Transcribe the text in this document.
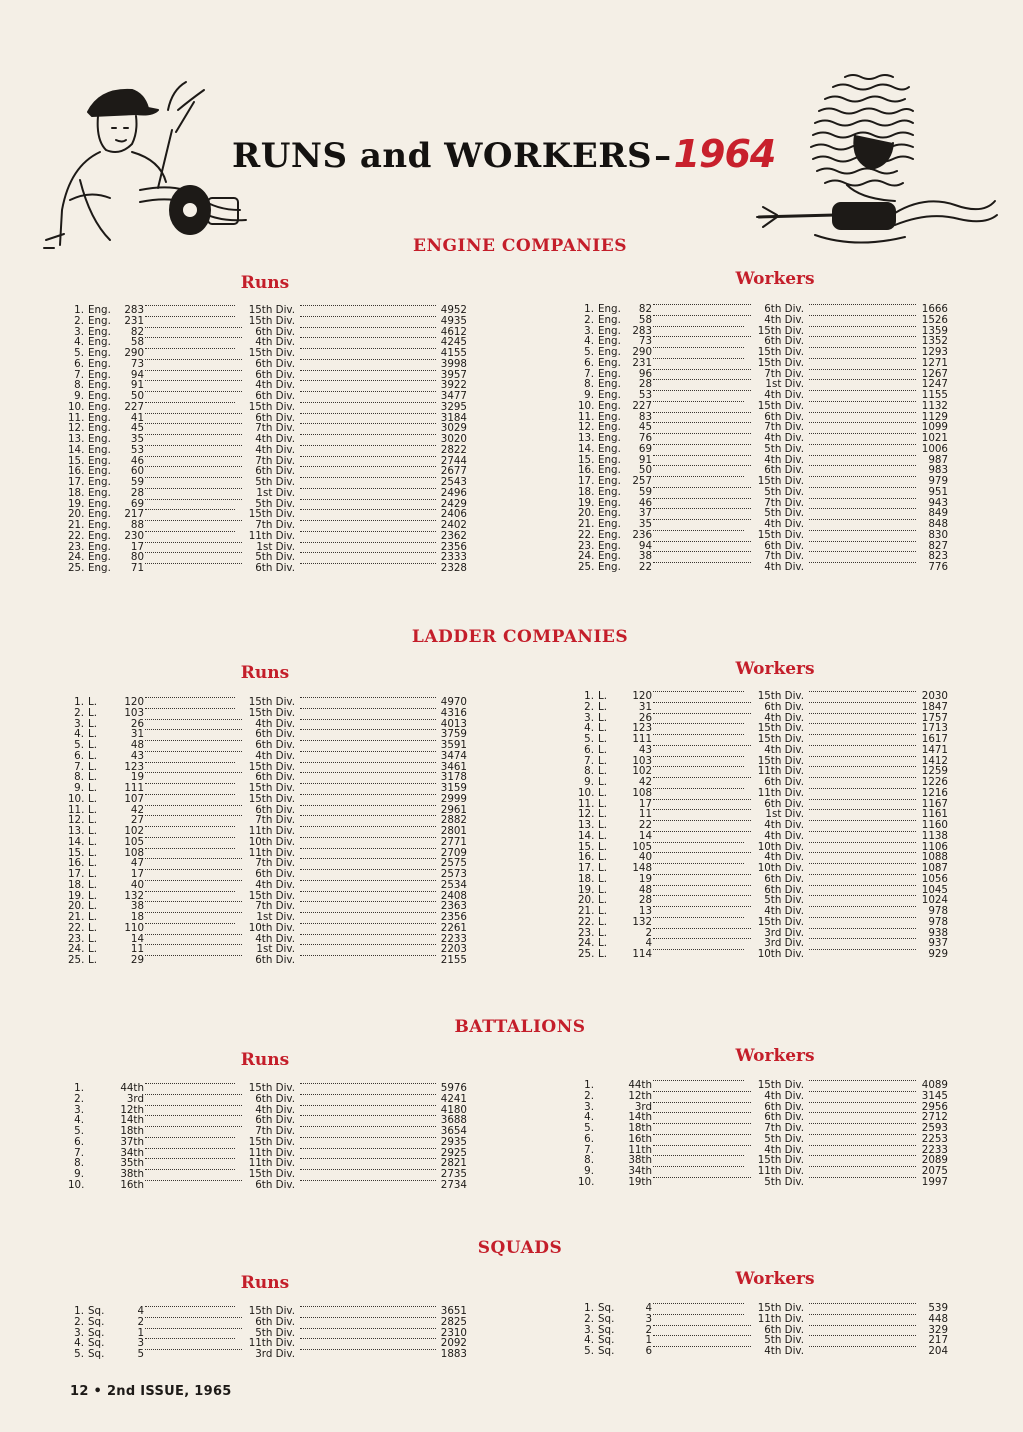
RUNS and WORKERS–1964
ENGINE COMPANIES
Runs	Workers
1. Eng. 283	15th Div.	4952
2. Eng. 231	15th Div.	4935
3. Eng. 82	6th Div.	4612
4. Eng. 58	4th Div.	4245
5. Eng. 290	15th Div.	4155
6. Eng. 73	6th Div.	3998
7. Eng. 94	6th Div.	3957
8. Eng. 91	4th Div.	3922
9. Eng. 50	6th Div.	3477
10. Eng. 227	15th Div.	3295
11. Eng. 41	6th Div.	3184
12. Eng. 45	7th Div.	3029
13. Eng. 35	4th Div.	3020
14. Eng. 53	4th Div.	2822
15. Eng. 46	7th Div.	2744
16. Eng. 60	6th Div.	2677
17. Eng. 59	5th Div.	2543
18. Eng. 28	1st Div.	2496
19. Eng. 69	5th Div.	2429
20. Eng. 217	15th Div.	2406
21. Eng. 88	7th Div.	2402
22. Eng. 230	11th Div.	2362
23. Eng. 17	1st Div.	2356
24. Eng. 80	5th Div.	2333
25. Eng. 71	6th Div.	2328
1. Eng. 82	6th Div.	1666
2. Eng. 58	4th Div.	1526
3. Eng. 283	15th Div.	1359
4. Eng. 73	6th Div.	1352
5. Eng. 290	15th Div.	1293
6. Eng. 231	15th Div.	1271
7. Eng. 96	7th Div.	1267
8. Eng. 28	1st Div.	1247
9. Eng. 53	4th Div.	1155
10. Eng. 227	15th Div.	1132
11. Eng. 83	6th Div.	1129
12. Eng. 45	7th Div.	1099
13. Eng. 76	4th Div.	1021
14. Eng. 69	5th Div.	1006
15. Eng. 91	4th Div.	987
16. Eng. 50	6th Div.	983
17. Eng. 257	15th Div.	979
18. Eng. 59	5th Div.	951
19. Eng. 46	7th Div.	943
20. Eng. 37	5th Div.	849
21. Eng. 35	4th Div.	848
22. Eng. 236	15th Div.	830
23. Eng. 94	6th Div.	827
24. Eng. 38	7th Div.	823
25. Eng. 22	4th Div.	776
LADDER COMPANIES
Runs	Workers
1. L.	120	15th Div.	4970
2. L.	103	15th Div.	4316
3. L.	26	4th Div.	4013
4. L.	31	6th Div.	3759
5. L.	48	6th Div.	3591
6. L.	43	4th Div.	3474
7. L.	123	15th Div.	3461
8. L.	19	6th Div.	3178
9. L.	111	15th Div.	3159
10. L.	107	15th Div.	2999
11. L.	42	6th Div.	2961
12. L.	27	7th Div.	2882
13. L.	102	11th Div.	2801
14. L.	105	10th Div.	2771
15. L.	108	11th Div.	2709
16. L.	47	7th Div.	2575
17. L.	17	6th Div.	2573
18. L.	40	4th Div.	2534
19. L.	132	15th Div.	2408
20. L.	38	7th Div.	2363
21. L.	18	1st Div.	2356
22. L.	110	10th Div.	2261
23. L.	14	4th Div.	2233
24. L.	11	1st Div.	2203
25. L.	29	6th Div.	2155
1. L. 120	15th Div.	2030
2. L.	31	6th Div.	1847
3. L.	26	4th Div.	1757
4. L. 123	15th Div.	1713
5. L. 111	15th Div.	1617
6. L.	43	4th Div.	1471
7. L. 103	15th Div.	1412
8. L. 102	11th Div.	1259
9. L.	42	6th Div.	1226
10. L. 108	11th Div.	1216
11. L.	17	6th Div.	1167
12. L.	11	1st Div.	1161
13. L.	22	4th Div.	1160
14. L.	14	4th Div.	1138
15. L. 105	10th Div.	1106
16. L.	40	4th Div.	1088
17. L. 148	10th Div.	1087
18. L.	19	6th Div.	1056
19. L.	48	6th Div.	1045
20. L.	28	5th Div.	1024
21. L.	13	4th Div.	978
22. L. 132	15th Div.	978
23. L.	2	3rd Div.	938
24. L.	4	3rd Div.	937
25. L. 114	10th Div.	929
BATTALIONS
Runs	Workers
1.	44th	15th Div.	5976
2.	3rd	6th Div.	4241
3.	12th	4th Div.	4180
4.	14th	6th Div.	3688
5.	18th	7th Div.	3654
6.	37th	15th Div.	2935
7.	34th	11th Div.	2925
8.	35th	11th Div.	2821
9.	38th	15th Div.	2735
10.	16th	6th Div.	2734
1.	44th	15th Div.	4089
2.	12th	4th Div.	3145
3.	3rd	6th Div.	2956
4.	14th	6th Div.	2712
5.	18th	7th Div.	2593
6.	16th	5th Div.	2253
7.	11th	4th Div.	2233
8.	38th	15th Div.	2089
9.	34th	11th Div.	2075
10.	19th	5th Div.	1997
SQUADS
Runs	Workers
1. Sq.	4	15th Div.	3651
2. Sq.	2	6th Div.	2825
3. Sq.	1	5th Div.	2310
4. Sq.	3	11th Div.	2092
5. Sq.	5	3rd Div.	1883
1. Sq.	4	15th Div.	539
2. Sq.	3	11th Div.	448
3. Sq.	2	6th Div.	329
4. Sq.	1	5th Div.	217
5. Sq.	6	4th Div.	204
12 • 2nd ISSUE, 1965
